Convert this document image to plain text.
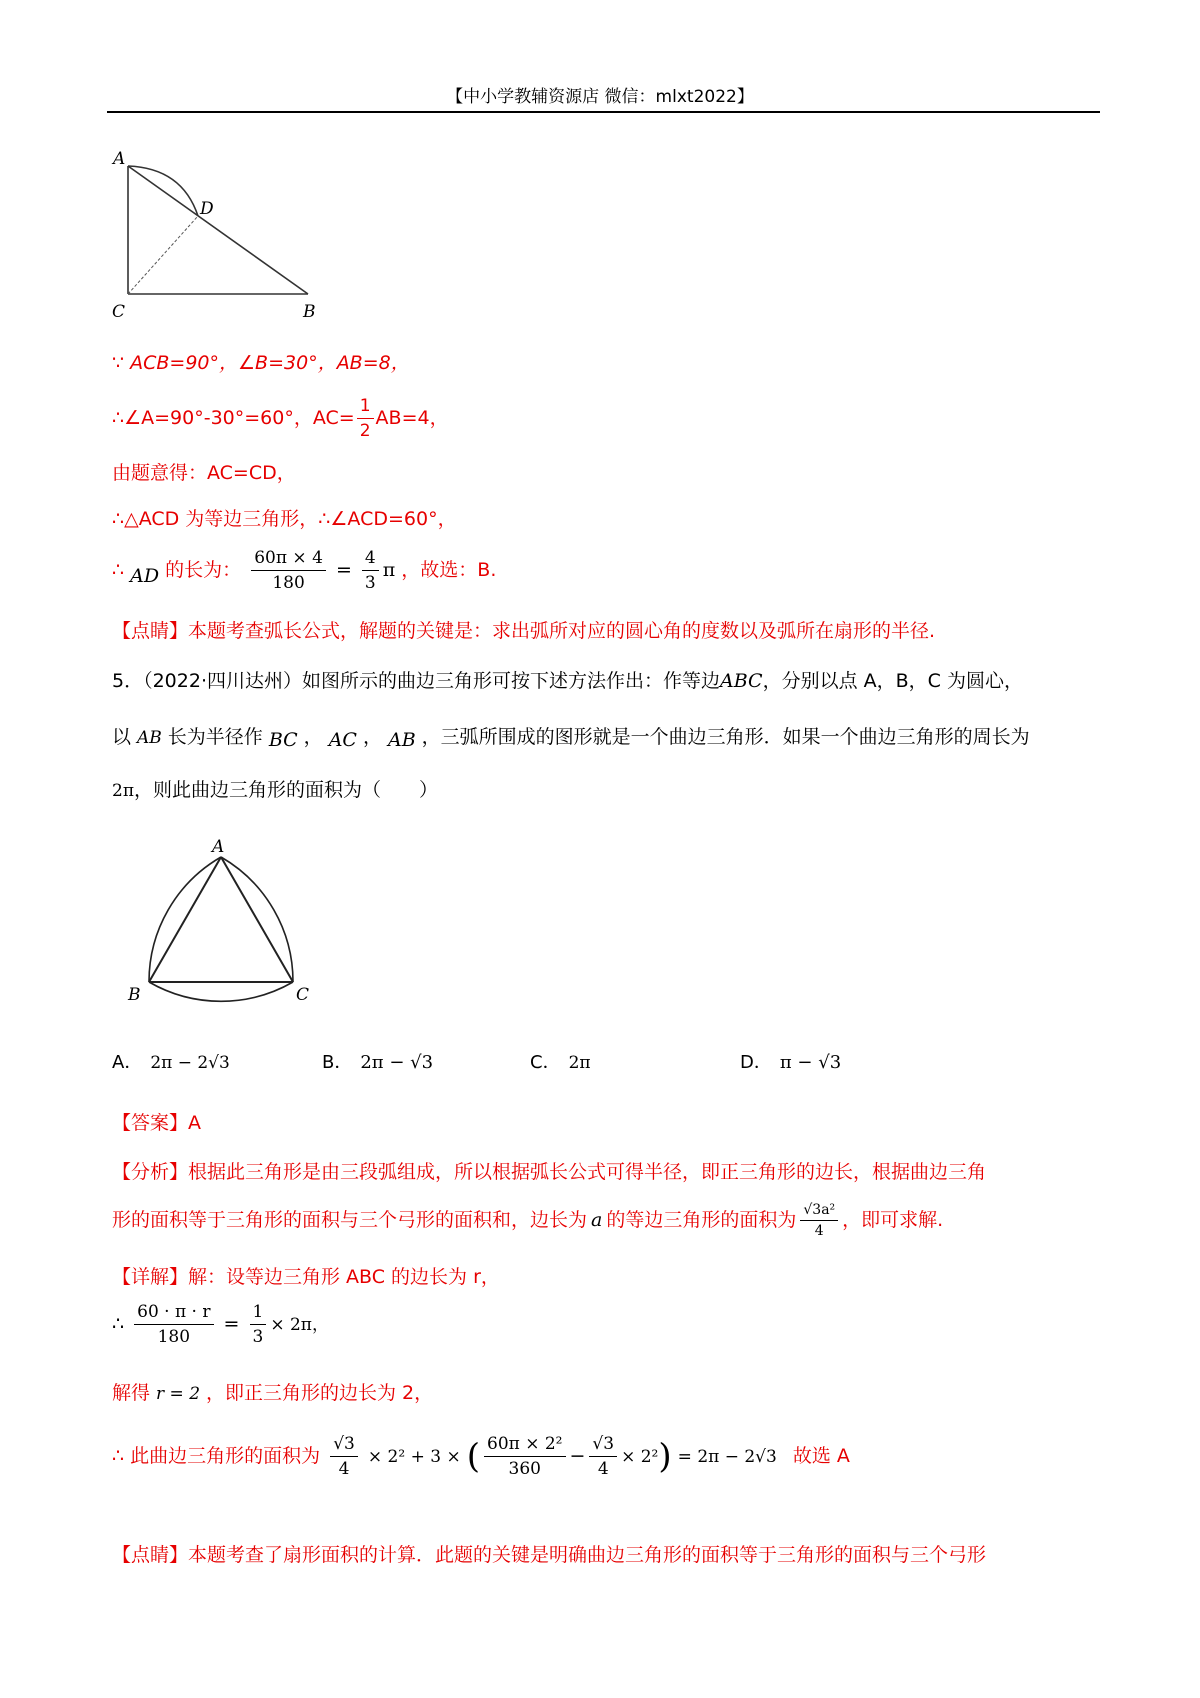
【中小学教辅资源店 微信：mlxt2022】
A
D
C	B
∵ ACB=90°，∠B=30°，AB=8，
∴∠A=90°-30°=60°，$AC= \frac{1}{2} AB=4$，
由题意得：AC=CD，
∴△ACD 为等边三角形，∴∠ACD=60°，
∴ AD 的长为： $\frac{60\pi \times 4}{180} = \frac{4}{3}$ π ，故选：B.
【点睛】本题考查弧长公式，解题的关键是：求出弧所对应的圆心角的度数以及弧所在扇形的半径.
5．（2022·四川达州）如图所示的曲边三角形可按下述方法作出：作等边ABC，分别以点 A，B，C 为圆心，
以 AB 长为半径作 BC ， AC ， AB ，三弧所围成的图形就是一个曲边三角形．如果一个曲边三角形的周长为
2π，则此曲边三角形的面积为（　　）
A
B	C
A． 2π − 2√3	B． 2π − √3	C． 2π	D． π − √3
【答案】A
【分析】根据此三角形是由三段弧组成，所以根据弧长公式可得半径，即正三角形的边长，根据曲边三角
形的面积等于三角形的面积与三个弓形的面积和，边长为 a 的等边三角形的面积为 $\frac{\text{√3a²}}{4}$ ，即可求解.
【详解】解：设等边三角形 ABC 的边长为 r，
∴ $\frac{60 \cdot \pi \cdot r}{180} = \frac{1}{3} \times 2\pi$，
解得 r = 2 ，即正三角形的边长为 2，
∴ 此曲边三角形的面积为 $\frac{√3}{4} \times 2^2 + 3$ × ( $\frac{\text{60π × 2²}}{360} - \frac{√3}{4} \times 2^2) = 2\pi - 2√3$ 故选 A
【点睛】本题考查了扇形面积的计算．此题的关键是明确曲边三角形的面积等于三角形的面积与三个弓形
